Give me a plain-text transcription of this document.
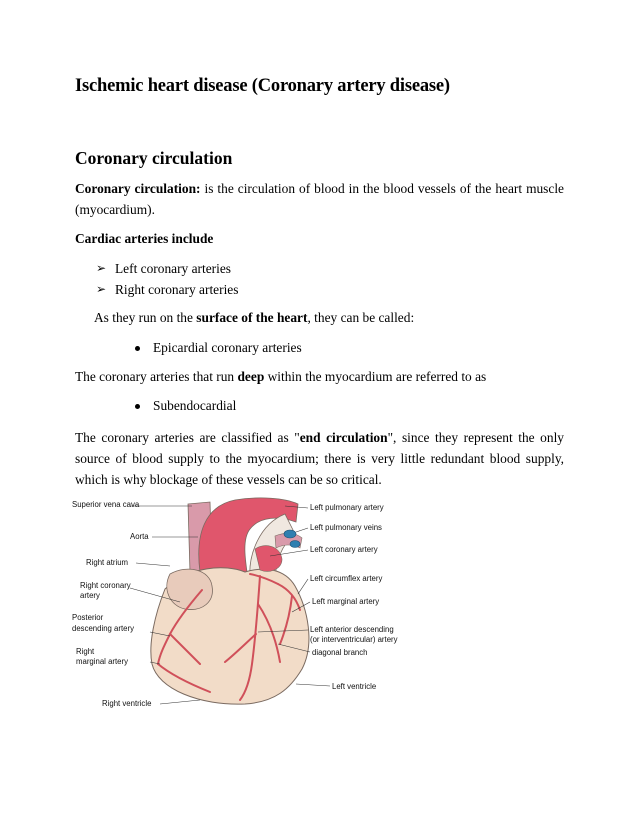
Ischemic heart disease (Coronary artery disease)
Coronary circulation
Coronary circulation: is the circulation of blood in the blood vessels of the heart muscle (myocardium).
Cardiac arteries include
➢ Left coronary arteries
➢ Right coronary arteries
As they run on the surface of the heart, they can be called:
Epicardial coronary arteries
The coronary arteries that run deep within the myocardium are referred to as
Subendocardial
The coronary arteries are classified as "end circulation", since they represent the only source of blood supply to the myocardium; there is very little redundant blood supply, which is why blockage of these vessels can be so critical.
Superior vena cava
Aorta
Right atrium
Right coronary
artery
Posterior
descending artery
Right
marginal artery
Right ventricle
Left pulmonary artery
Left pulmonary veins
Left coronary artery
Left circumflex artery
Left marginal artery
Left anterior descending
(or interventricular) artery
diagonal branch
Left ventricle
